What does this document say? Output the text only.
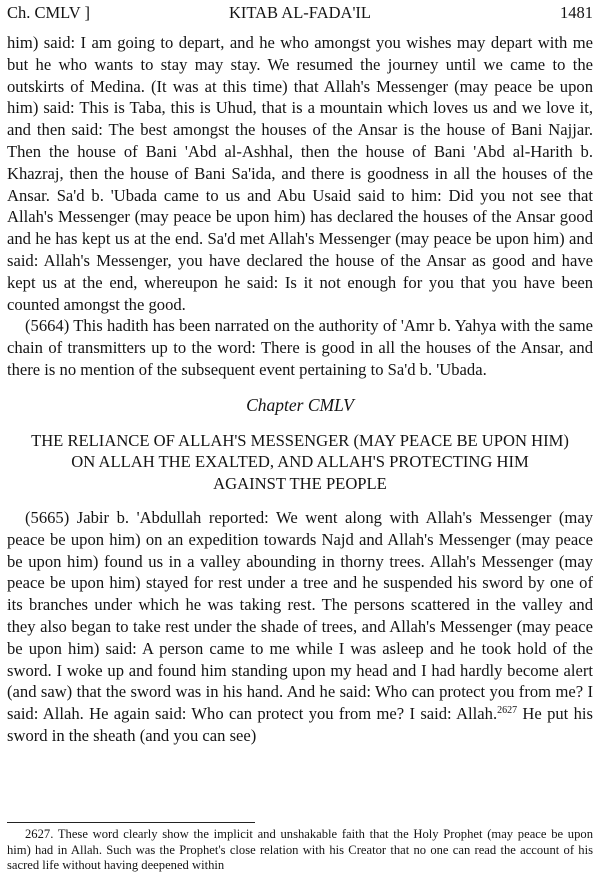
Ch. CMLV ]	KITAB AL-FADA'IL	1481

him) said: I am going to depart, and he who amongst you wishes may depart with me but he who wants to stay may stay. We resumed the journey until we came to the outskirts of Medina. (It was at this time) that Allah's Messenger (may peace be upon him) said: This is Taba, this is Uhud, that is a mountain which loves us and we love it, and then said: The best amongst the houses of the Ansar is the house of Bani Najjar. Then the house of Bani 'Abd al-Ashhal, then the house of Bani 'Abd al-Harith b. Khazraj, then the house of Bani Sa'ida, and there is goodness in all the houses of the Ansar. Sa'd b. 'Ubada came to us and Abu Usaid said to him: Did you not see that Allah's Messenger (may peace be upon him) has declared the houses of the Ansar good and he has kept us at the end. Sa'd met Allah's Messenger (may peace be upon him) and said: Allah's Messenger, you have declared the house of the Ansar as good and have kept us at the end, whereupon he said: Is it not enough for you that you have been counted amongst the good.

(5664) This hadith has been narrated on the authority of 'Amr b. Yahya with the same chain of transmitters up to the word: There is good in all the houses of the Ansar, and there is no mention of the subsequent event pertaining to Sa'd b. 'Ubada.

Chapter CMLV

THE RELIANCE OF ALLAH'S MESSENGER (MAY PEACE BE UPON HIM)
ON ALLAH THE EXALTED, AND ALLAH'S PROTECTING HIM
AGAINST THE PEOPLE

(5665) Jabir b. 'Abdullah reported: We went along with Allah's Messenger (may peace be upon him) on an expedition towards Najd and Allah's Messenger (may peace be upon him) found us in a valley abounding in thorny trees. Allah's Messenger (may peace be upon him) stayed for rest under a tree and he suspended his sword by one of its branches under which he was taking rest. The persons scattered in the valley and they also began to take rest under the shade of trees, and Allah's Messenger (may peace be upon him) said: A person came to me while I was asleep and he took hold of the sword. I woke up and found him standing upon my head and I had hardly become alert (and saw) that the sword was in his hand. And he said: Who can protect you from me? I said: Allah. He again said: Who can protect you from me? I said: Allah.$^{2627}$ He put his sword in the sheath (and you can see)

2627. These word clearly show the implicit and unshakable faith that the Holy Prophet (may peace be upon him) had in Allah. Such was the Prophet's close relation with his Creator that no one can read the account of his sacred life without having deepened within
